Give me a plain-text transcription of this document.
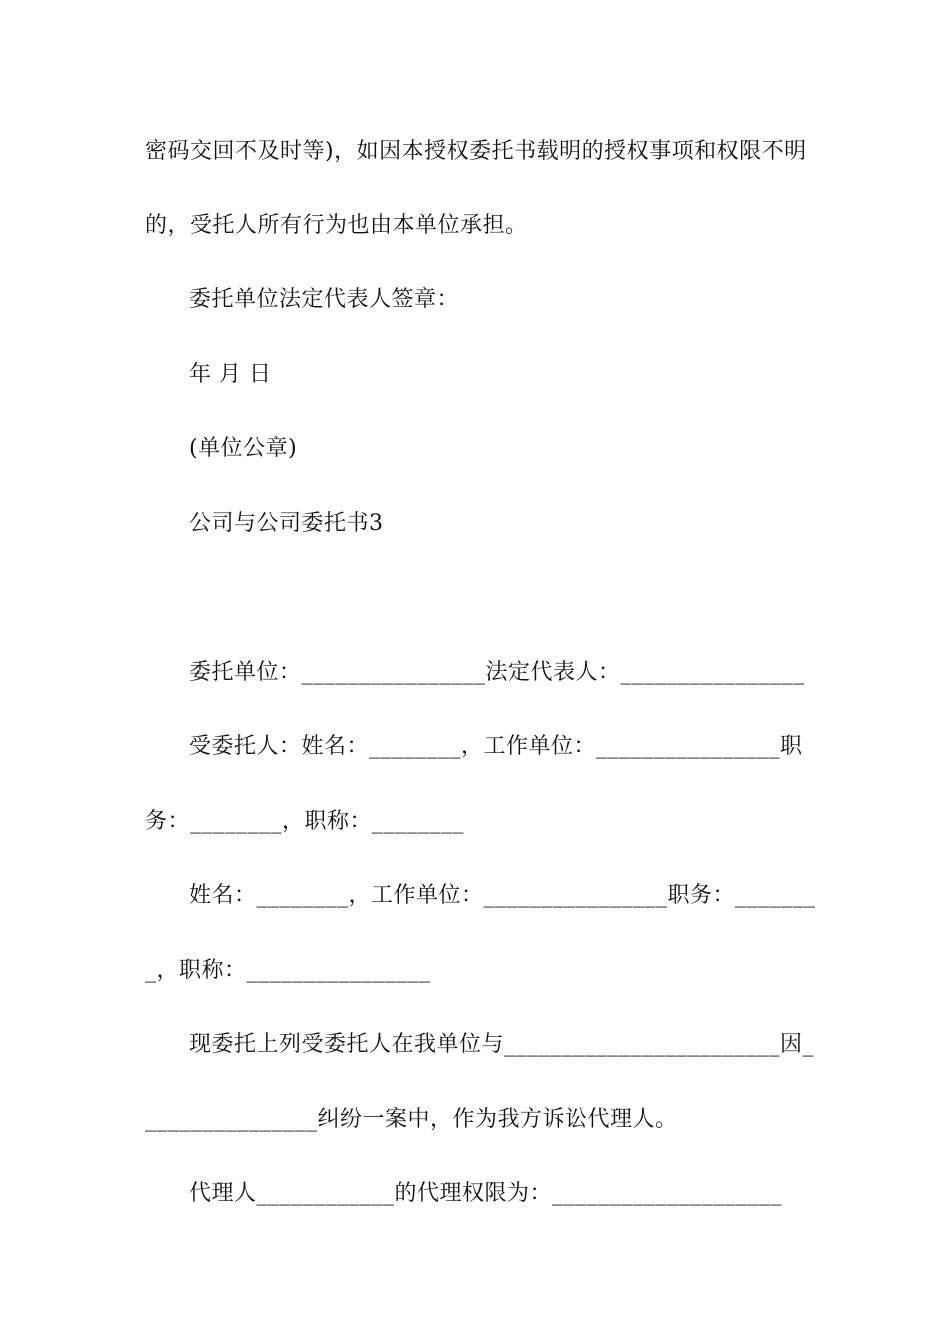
密码交回不及时等)，如因本授权委托书载明的授权事项和权限不明
的，受托人所有行为也由本单位承担。
委托单位法定代表人签章：
年 月 日
(单位公章)
公司与公司委托书3
委托单位：________________法定代表人：________________
受委托人：姓名：________，工作单位：________________职
务：________，职称：________
姓名：________，工作单位：________________职务：_______
_，职称：________________
现委托上列受委托人在我单位与________________________因_
_______________纠纷一案中，作为我方诉讼代理人。
代理人____________的代理权限为：____________________
